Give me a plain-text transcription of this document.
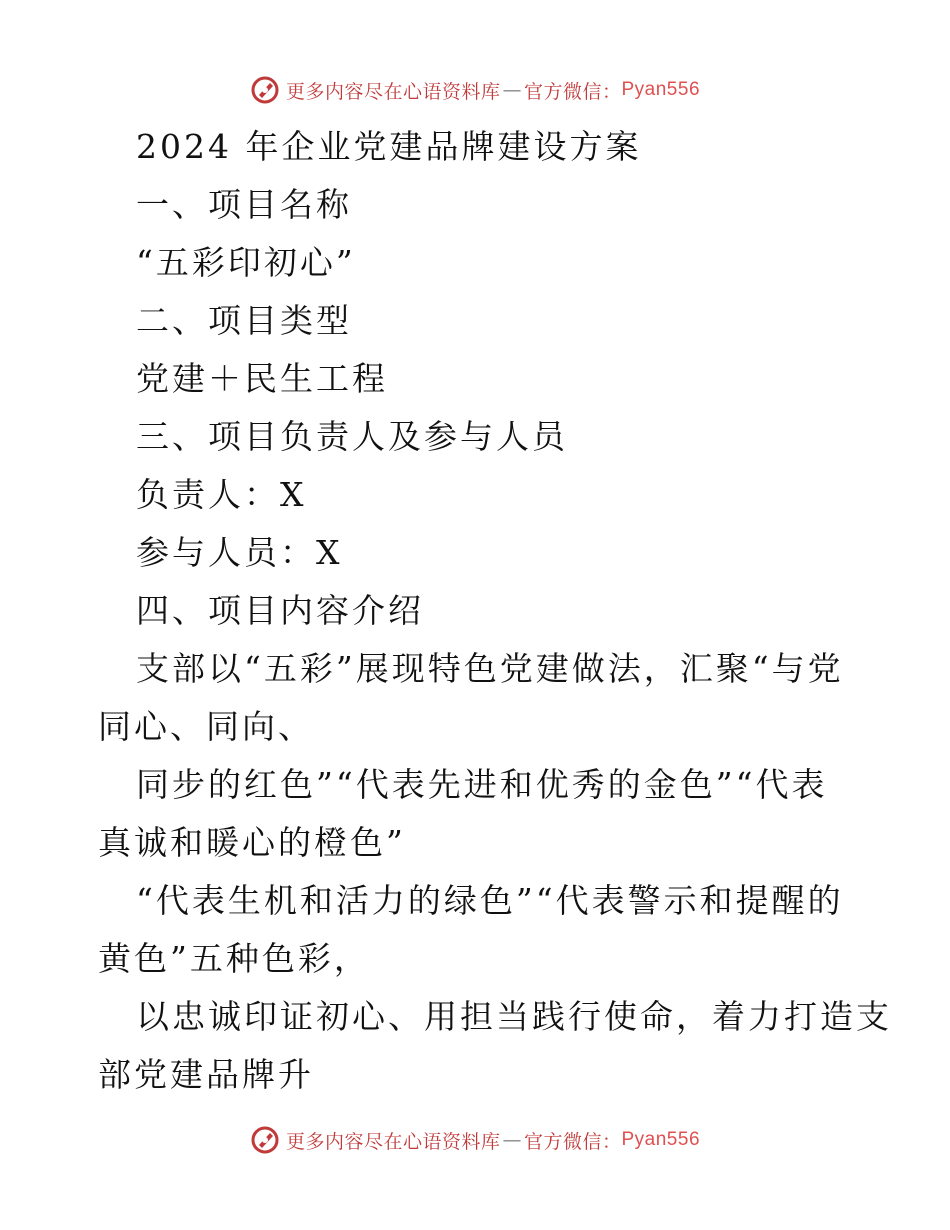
更多内容尽在心语资料库 — 官方微信： Pyan556
2024 年企业党建品牌建设方案
一、项目名称
“五彩印初心”
二、项目类型
党建＋民生工程
三、项目负责人及参与人员
负责人：X
参与人员：X
四、项目内容介绍
支部以“五彩”展现特色党建做法，汇聚“与党
同心、同向、
同步的红色”“代表先进和优秀的金色”“代表
真诚和暖心的橙色”
“代表生机和活力的绿色”“代表警示和提醒的
黄色”五种色彩，
以忠诚印证初心、用担当践行使命，着力打造支
部党建品牌升
更多内容尽在心语资料库 — 官方微信： Pyan556
